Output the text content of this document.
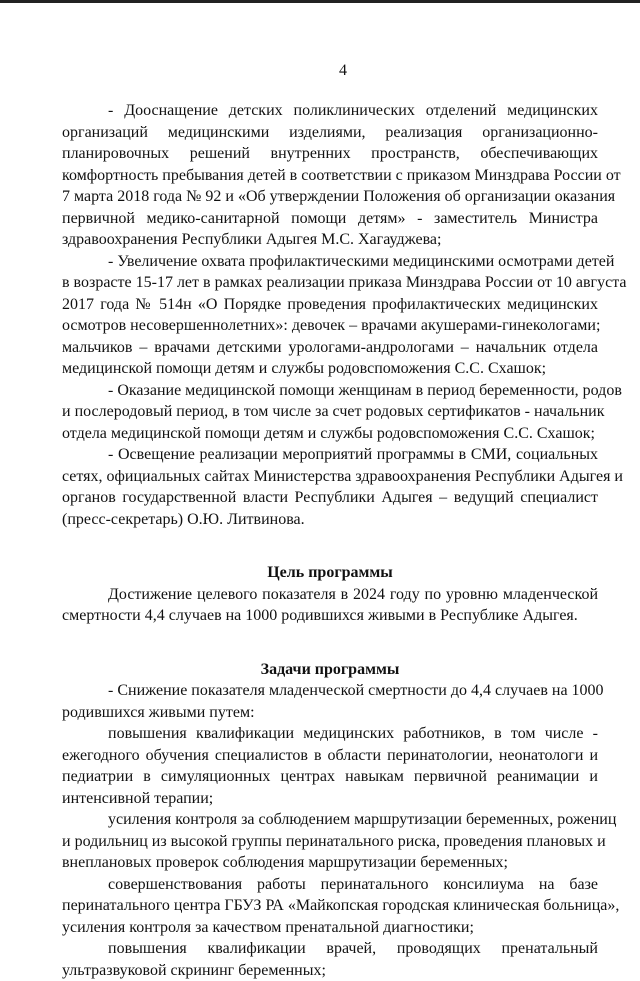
4
- Дооснащение детских поликлинических отделений медицинских
организаций медицинскими изделиями, реализация организационно-
планировочных решений внутренних пространств, обеспечивающих
комфортность пребывания детей в соответствии с приказом Минздрава России от
7 марта 2018 года № 92 и «Об утверждении Положения об организации оказания
первичной медико-санитарной помощи детям» - заместитель Министра
здравоохранения Республики Адыгея М.С. Хагауджева;
- Увеличение охвата профилактическими медицинскими осмотрами детей
в возрасте 15-17 лет в рамках реализации приказа Минздрава России от 10 августа
2017 года № 514н «О Порядке проведения профилактических медицинских
осмотров несовершеннолетних»: девочек – врачами акушерами-гинекологами;
мальчиков – врачами детскими урологами-андрологами – начальник отдела
медицинской помощи детям и службы родовспоможения С.С. Схашок;
- Оказание медицинской помощи женщинам в период беременности, родов
и послеродовый период, в том числе за счет родовых сертификатов - начальник
отдела медицинской помощи детям и службы родовспоможения С.С. Схашок;
- Освещение реализации мероприятий программы в СМИ, социальных
сетях, официальных сайтах Министерства здравоохранения Республики Адыгея и
органов государственной власти Республики Адыгея – ведущий специалист
(пресс-секретарь) О.Ю. Литвинова.

Цель программы

Достижение целевого показателя в 2024 году по уровню младенческой
смертности 4,4 случаев на 1000 родившихся живыми в Республике Адыгея.

Задачи программы

- Снижение показателя младенческой смертности до 4,4 случаев на 1000
родившихся живыми путем:
повышения квалификации медицинских работников, в том числе -
ежегодного обучения специалистов в области перинатологии, неонатологи и
педиатрии в симуляционных центрах навыкам первичной реанимации и
интенсивной терапии;
усиления контроля за соблюдением маршрутизации беременных, рожениц
и родильниц из высокой группы перинатального риска, проведения плановых и
внеплановых проверок соблюдения маршрутизации беременных;
совершенствования работы перинатального консилиума на базе
перинатального центра ГБУЗ РА «Майкопская городская клиническая больница»,
усиления контроля за качеством пренатальной диагностики;
повышения квалификации врачей, проводящих пренатальный
ультразвуковой скрининг беременных;
